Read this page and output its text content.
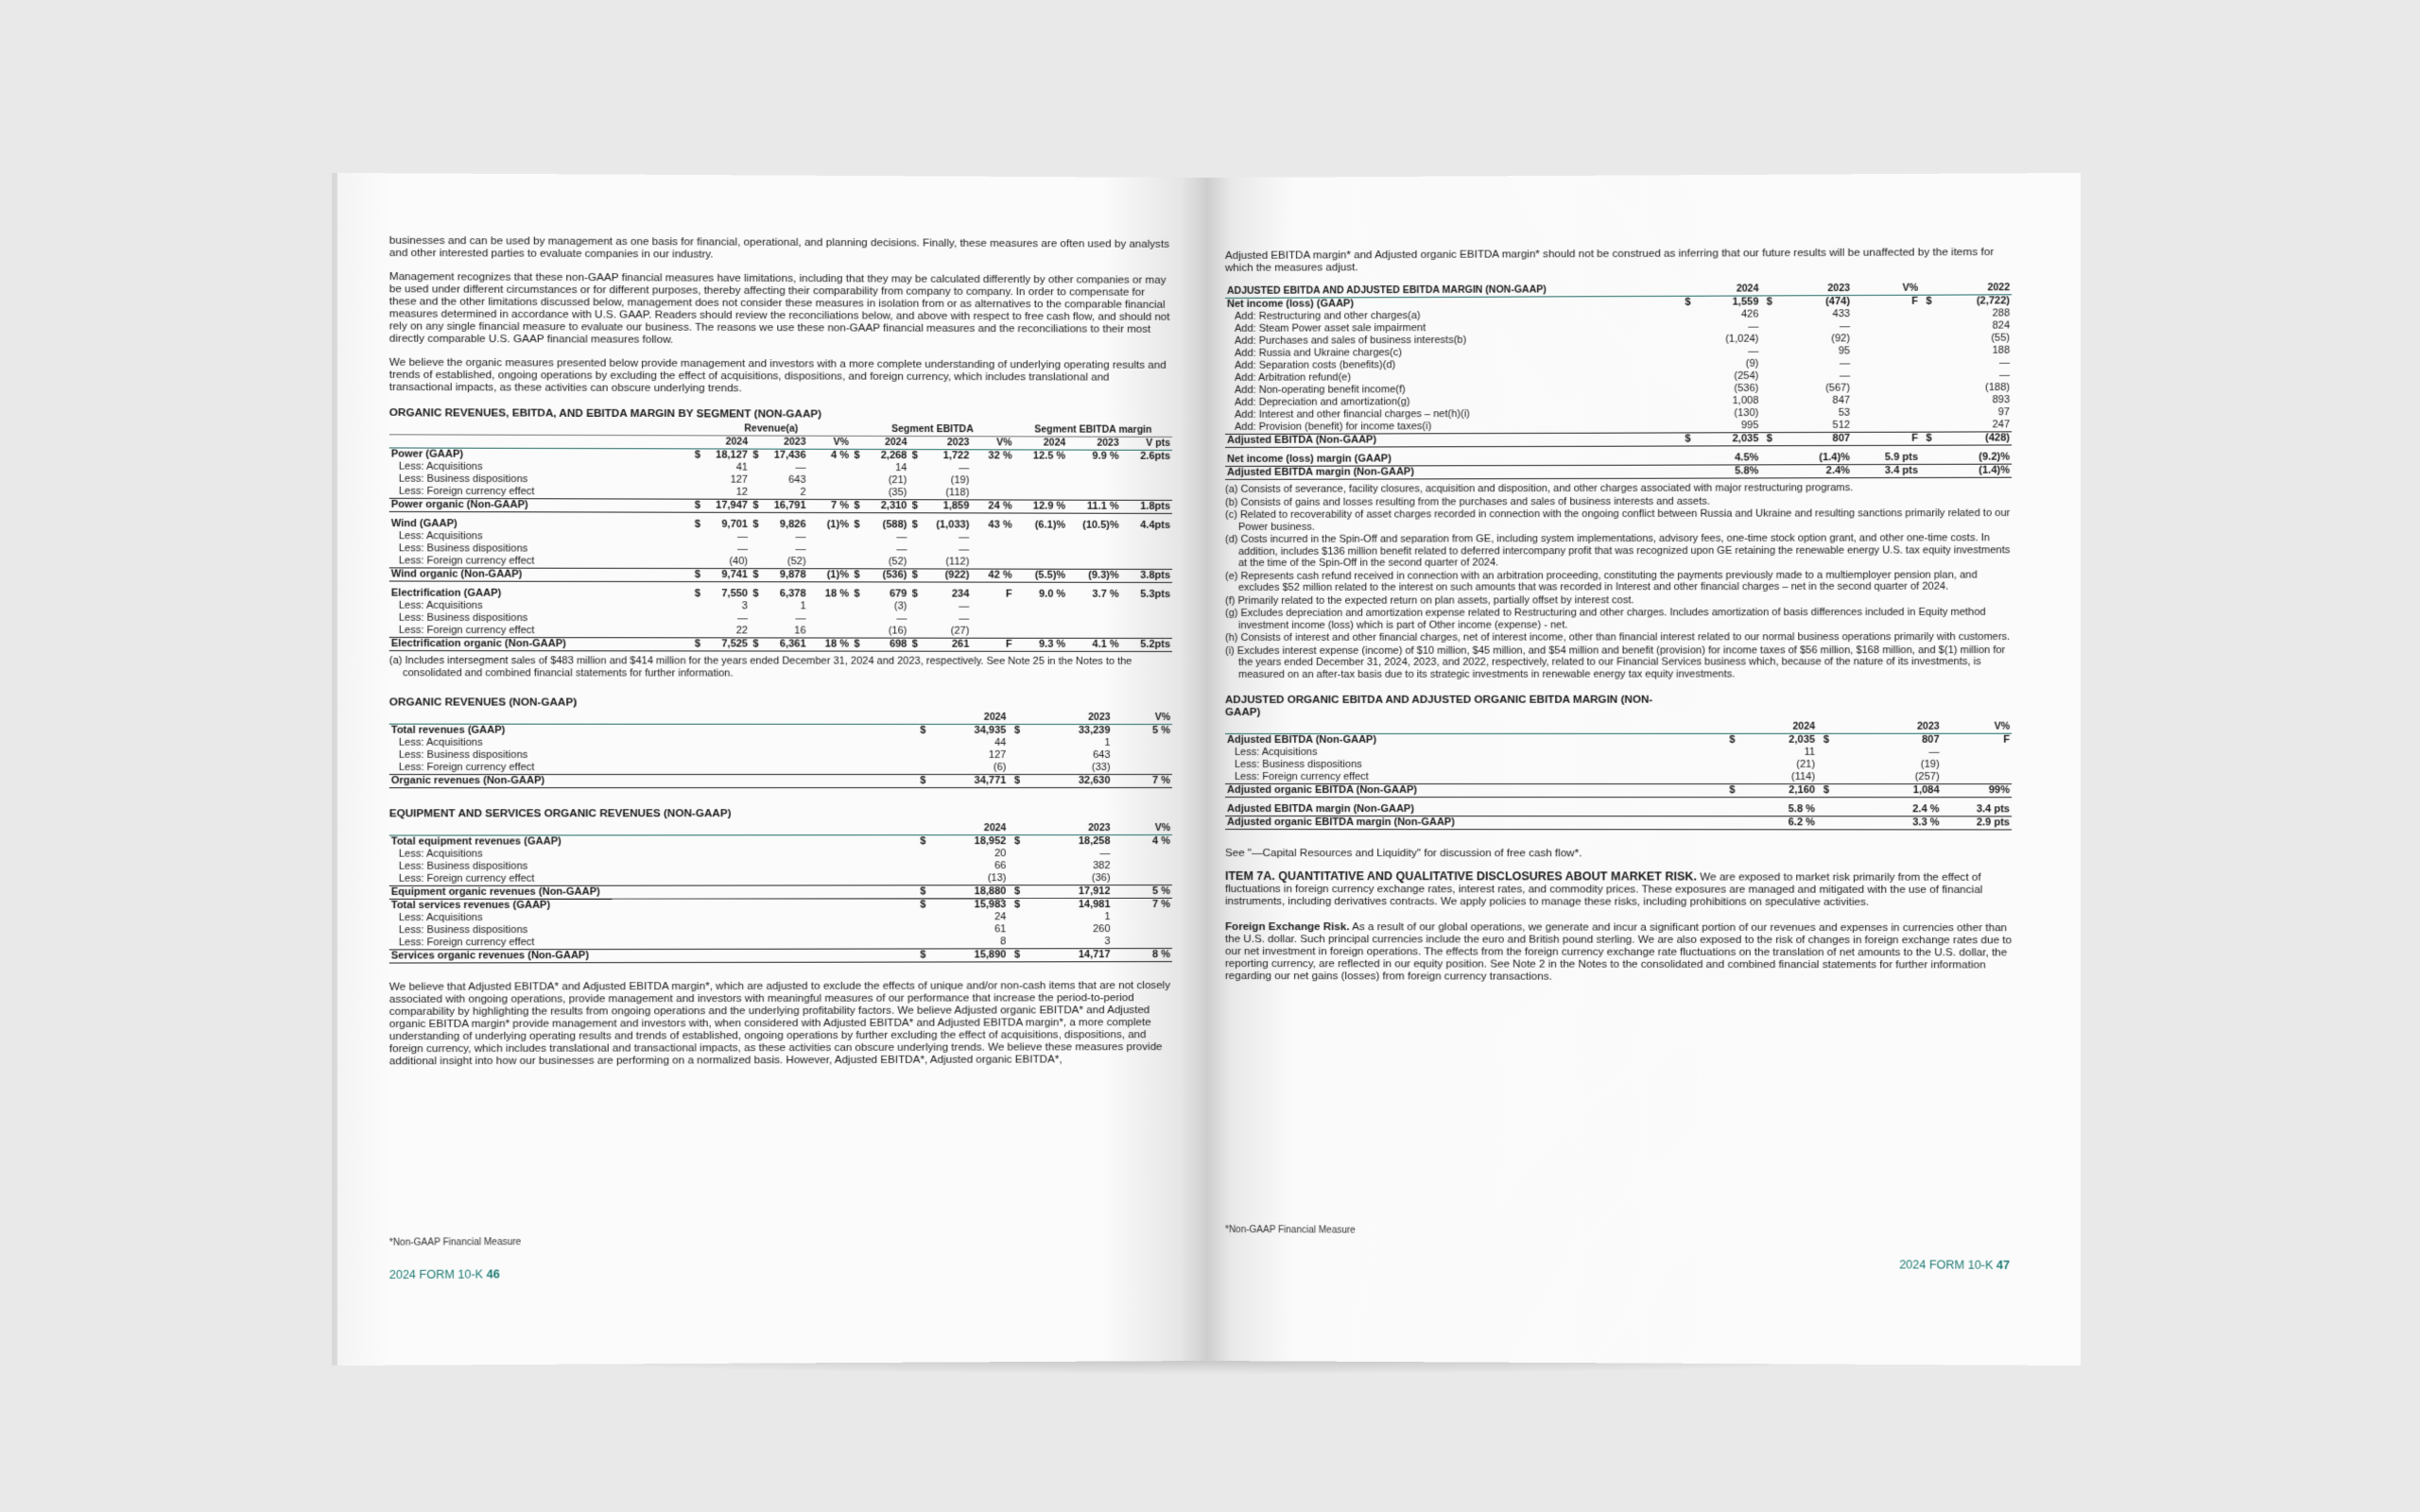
businesses and can be used by management as one basis for financial, operational, and planning decisions. Finally, these measures are often used by analysts and other interested parties to evaluate companies in our industry.

Management recognizes that these non-GAAP financial measures have limitations, including that they may be calculated differently by other companies or may be used under different circumstances or for different purposes, thereby affecting their comparability from company to company. In order to compensate for these and the other limitations discussed below, management does not consider these measures in isolation from or as alternatives to the comparable financial measures determined in accordance with U.S. GAAP. Readers should review the reconciliations below, and above with respect to free cash flow, and should not rely on any single financial measure to evaluate our business. The reasons we use these non-GAAP financial measures and the reconciliations to their most directly comparable U.S. GAAP financial measures follow.

We believe the organic measures presented below provide management and investors with a more complete understanding of underlying operating results and trends of established, ongoing operations by excluding the effect of acquisitions, dispositions, and foreign currency, which includes translational and transactional impacts, as these activities can obscure underlying trends.

ORGANIC REVENUES, EBITDA, AND EBITDA MARGIN BY SEGMENT (NON-GAAP)
	Revenue(a)					Segment EBITDA					Segment EBITDA margin		
		2024		2023	V%		2024		2023	V%	2024	2023	V pts
Power (GAAP)	$	18,127	$	17,436	4 %	$	2,268	$	1,722	32 %	12.5 %	9.9 %	2.6pts
Less: Acquisitions		41		—			14		—				
Less: Business dispositions		127		643			(21)		(19)				
Less: Foreign currency effect		12		2			(35)		(118)				
Power organic (Non-GAAP)	$	17,947	$	16,791	7 %	$	2,310	$	1,859	24 %	12.9 %	11.1 %	1.8pts

Wind (GAAP)	$	9,701	$	9,826	(1)%	$	(588)	$	(1,033)	43 %	(6.1)%	(10.5)%	4.4pts
Less: Acquisitions		—		—			—		—				
Less: Business dispositions		—		—			—		—				
Less: Foreign currency effect		(40)		(52)			(52)		(112)				
Wind organic (Non-GAAP)	$	9,741	$	9,878	(1)%	$	(536)	$	(922)	42 %	(5.5)%	(9.3)%	3.8pts

Electrification (GAAP)	$	7,550	$	6,378	18 %	$	679	$	234	F	9.0 %	3.7 %	5.3pts
Less: Acquisitions		3		1			(3)		—				
Less: Business dispositions		—		—			—		—				
Less: Foreign currency effect		22		16			(16)		(27)				
Electrification organic (Non-GAAP)	$	7,525	$	6,361	18 %	$	698	$	261	F	9.3 %	4.1 %	5.2pts
(a) Includes intersegment sales of $483 million and $414 million for the years ended December 31, 2024 and 2023, respectively. See Note 25 in the Notes to the consolidated and combined financial statements for further information.
ORGANIC REVENUES (NON-GAAP)
		2024		2023	V%
Total revenues (GAAP)	$	34,935	$	33,239	5 %
Less: Acquisitions		44		1	
Less: Business dispositions		127		643	
Less: Foreign currency effect		(6)		(33)	
Organic revenues (Non-GAAP)	$	34,771	$	32,630	7 %
EQUIPMENT AND SERVICES ORGANIC REVENUES (NON-GAAP)
		2024		2023	V%
Total equipment revenues (GAAP)	$	18,952	$	18,258	4 %
Less: Acquisitions		20		—	
Less: Business dispositions		66		382	
Less: Foreign currency effect		(13)		(36)	
Equipment organic revenues (Non-GAAP)	$	18,880	$	17,912	5 %
Total services revenues (GAAP)	$	15,983	$	14,981	7 %
Less: Acquisitions		24		1	
Less: Business dispositions		61		260	
Less: Foreign currency effect		8		3	
Services organic revenues (Non-GAAP)	$	15,890	$	14,717	8 %

We believe that Adjusted EBITDA* and Adjusted EBITDA margin*, which are adjusted to exclude the effects of unique and/or non-cash items that are not closely associated with ongoing operations, provide management and investors with meaningful measures of our performance that increase the period-to-period comparability by highlighting the results from ongoing operations and the underlying profitability factors. We believe Adjusted organic EBITDA* and Adjusted organic EBITDA margin* provide management and investors with, when considered with Adjusted EBITDA* and Adjusted EBITDA margin*, a more complete understanding of underlying operating results and trends of established, ongoing operations by further excluding the effect of acquisitions, dispositions, and foreign currency, which includes translational and transactional impacts, as these activities can obscure underlying trends. We believe these measures provide additional insight into how our businesses are performing on a normalized basis. However, Adjusted EBITDA*, Adjusted organic EBITDA*,

*Non-GAAP Financial Measure
2024 FORM 10-K 46

Adjusted EBITDA margin* and Adjusted organic EBITDA margin* should not be construed as inferring that our future results will be unaffected by the items for which the measures adjust.

ADJUSTED EBITDA AND ADJUSTED EBITDA MARGIN (NON-GAAP)		2024		2023	V%		2022
Net income (loss) (GAAP)	$	1,559	$	(474)	F	$	(2,722)
Add: Restructuring and other charges(a)		426		433			288
Add: Steam Power asset sale impairment		—		—			824
Add: Purchases and sales of business interests(b)		(1,024)		(92)			(55)
Add: Russia and Ukraine charges(c)		—		95			188
Add: Separation costs (benefits)(d)		(9)		—			—
Add: Arbitration refund(e)		(254)		—			—
Add: Non-operating benefit income(f)		(536)		(567)			(188)
Add: Depreciation and amortization(g)		1,008		847			893
Add: Interest and other financial charges – net(h)(i)		(130)		53			97
Add: Provision (benefit) for income taxes(i)		995		512			247
Adjusted EBITDA (Non-GAAP)	$	2,035	$	807	F	$	(428)

Net income (loss) margin (GAAP)		4.5%		(1.4)%	5.9 pts		(9.2)%
Adjusted EBITDA margin (Non-GAAP)		5.8%		2.4%	3.4 pts		(1.4)%
(a) Consists of severance, facility closures, acquisition and disposition, and other charges associated with major restructuring programs.
(b) Consists of gains and losses resulting from the purchases and sales of business interests and assets.
(c) Related to recoverability of asset charges recorded in connection with the ongoing conflict between Russia and Ukraine and resulting sanctions primarily related to our Power business.
(d) Costs incurred in the Spin-Off and separation from GE, including system implementations, advisory fees, one-time stock option grant, and other one-time costs. In addition, includes $136 million benefit related to deferred intercompany profit that was recognized upon GE retaining the renewable energy U.S. tax equity investments at the time of the Spin-Off in the second quarter of 2024.
(e) Represents cash refund received in connection with an arbitration proceeding, constituting the payments previously made to a multiemployer pension plan, and excludes $52 million related to the interest on such amounts that was recorded in Interest and other financial charges – net in the second quarter of 2024.
(f) Primarily related to the expected return on plan assets, partially offset by interest cost.
(g) Excludes depreciation and amortization expense related to Restructuring and other charges. Includes amortization of basis differences included in Equity method investment income (loss) which is part of Other income (expense) - net.
(h) Consists of interest and other financial charges, net of interest income, other than financial interest related to our normal business operations primarily with customers.
(i) Excludes interest expense (income) of $10 million, $45 million, and $54 million and benefit (provision) for income taxes of $56 million, $168 million, and $(1) million for the years ended December 31, 2024, 2023, and 2022, respectively, related to our Financial Services business which, because of the nature of its investments, is measured on an after-tax basis due to its strategic investments in renewable energy tax equity investments.
ADJUSTED ORGANIC EBITDA AND ADJUSTED ORGANIC EBITDA MARGIN (NON-GAAP)
		2024		2023	V%
Adjusted EBITDA (Non-GAAP)	$	2,035	$	807	F
Less: Acquisitions		11		—	
Less: Business dispositions		(21)		(19)	
Less: Foreign currency effect		(114)		(257)	
Adjusted organic EBITDA (Non-GAAP)	$	2,160	$	1,084	99%

Adjusted EBITDA margin (Non-GAAP)		5.8 %		2.4 %	3.4 pts
Adjusted organic EBITDA margin (Non-GAAP)		6.2 %		3.3 %	2.9 pts

See "—Capital Resources and Liquidity" for discussion of free cash flow*.

ITEM 7A. QUANTITATIVE AND QUALITATIVE DISCLOSURES ABOUT MARKET RISK. We are exposed to market risk primarily from the effect of fluctuations in foreign currency exchange rates, interest rates, and commodity prices. These exposures are managed and mitigated with the use of financial instruments, including derivatives contracts. We apply policies to manage these risks, including prohibitions on speculative activities.

Foreign Exchange Risk. As a result of our global operations, we generate and incur a significant portion of our revenues and expenses in currencies other than the U.S. dollar. Such principal currencies include the euro and British pound sterling. We are also exposed to the risk of changes in foreign exchange rates due to our net investment in foreign operations. The effects from the foreign currency exchange rate fluctuations on the translation of net amounts to the U.S. dollar, the reporting currency, are reflected in our equity position. See Note 2 in the Notes to the consolidated and combined financial statements for further information regarding our net gains (losses) from foreign currency transactions.

*Non-GAAP Financial Measure
2024 FORM 10-K 47
